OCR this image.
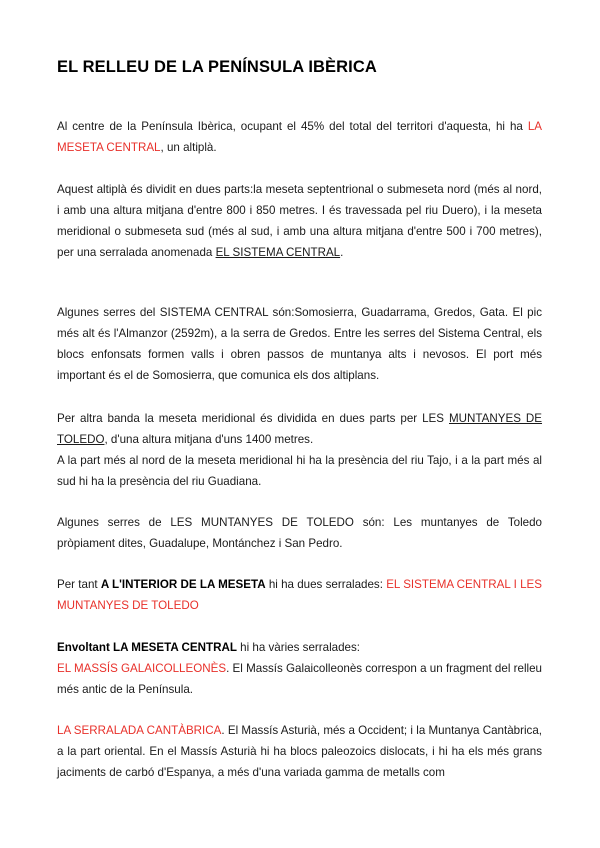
EL RELLEU DE LA PENÍNSULA IBÈRICA

Al centre de la Península Ibèrica, ocupant el 45% del total del territori d'aquesta, hi ha LA MESETA CENTRAL, un altiplà.

Aquest altiplà és dividit en dues parts:la meseta septentrional o submeseta nord (més al nord, i amb una altura mitjana d'entre 800 i 850 metres. I és travessada pel riu Duero), i la meseta meridional o submeseta sud (més al sud, i amb una altura mitjana d'entre 500 i 700 metres), per una serralada anomenada EL SISTEMA CENTRAL.

Algunes serres del SISTEMA CENTRAL són:Somosierra, Guadarrama, Gredos, Gata. El pic més alt és l'Almanzor (2592m), a la serra de Gredos. Entre les serres del Sistema Central, els blocs enfonsats formen valls i obren passos de muntanya alts i nevosos. El port més important és el de Somosierra, que comunica els dos altiplans.

Per altra banda la meseta meridional és dividida en dues parts per LES MUNTANYES DE TOLEDO, d'una altura mitjana d'uns 1400 metres.

A la part més al nord de la meseta meridional hi ha la presència del riu Tajo, i a la part més al sud hi ha la presència del riu Guadiana.

Algunes serres de LES MUNTANYES DE TOLEDO són: Les muntanyes de Toledo pròpiament dites, Guadalupe, Montánchez i San Pedro.

Per tant A L'INTERIOR DE LA MESETA hi ha dues serralades: EL SISTEMA CENTRAL I LES MUNTANYES DE TOLEDO

Envoltant LA MESETA CENTRAL hi ha vàries serralades:

EL MASSÍS GALAICOLLEONÈS. El Massís Galaicolleonès correspon a un fragment del relleu més antic de la Península.

LA SERRALADA CANTÀBRICA. El Massís Asturià, més a Occident; i la Muntanya Cantàbrica, a la part oriental. En el Massís Asturià hi ha blocs paleozoics dislocats, i hi ha els més grans jaciments de carbó d'Espanya, a més d'una variada gamma de metalls com
